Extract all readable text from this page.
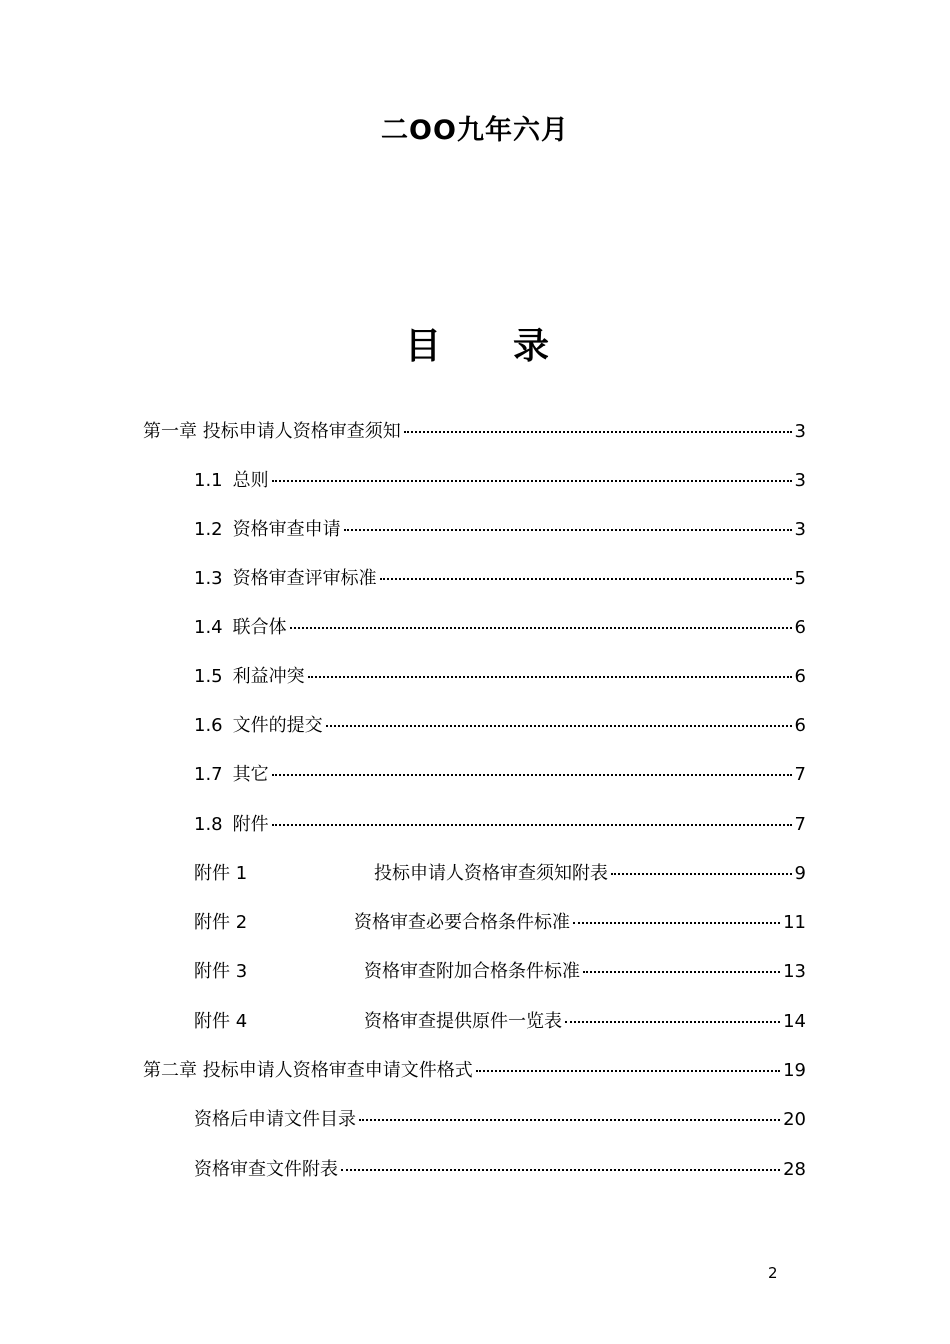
二OO九年六月
目 录
第一章 投标申请人资格审查须知	3
1.1 总则	3
1.2 资格审查申请	3
1.3 资格审查评审标准	5
1.4 联合体	6
1.5 利益冲突	6
1.6 文件的提交	6
1.7 其它	7
1.8 附件	7
附件 1	投标申请人资格审查须知附表	9
附件 2	资格审查必要合格条件标准	11
附件 3	资格审查附加合格条件标准	13
附件 4	资格审查提供原件一览表	14
第二章 投标申请人资格审查申请文件格式	19
资格后申请文件目录	20
资格审查文件附表	28
2
